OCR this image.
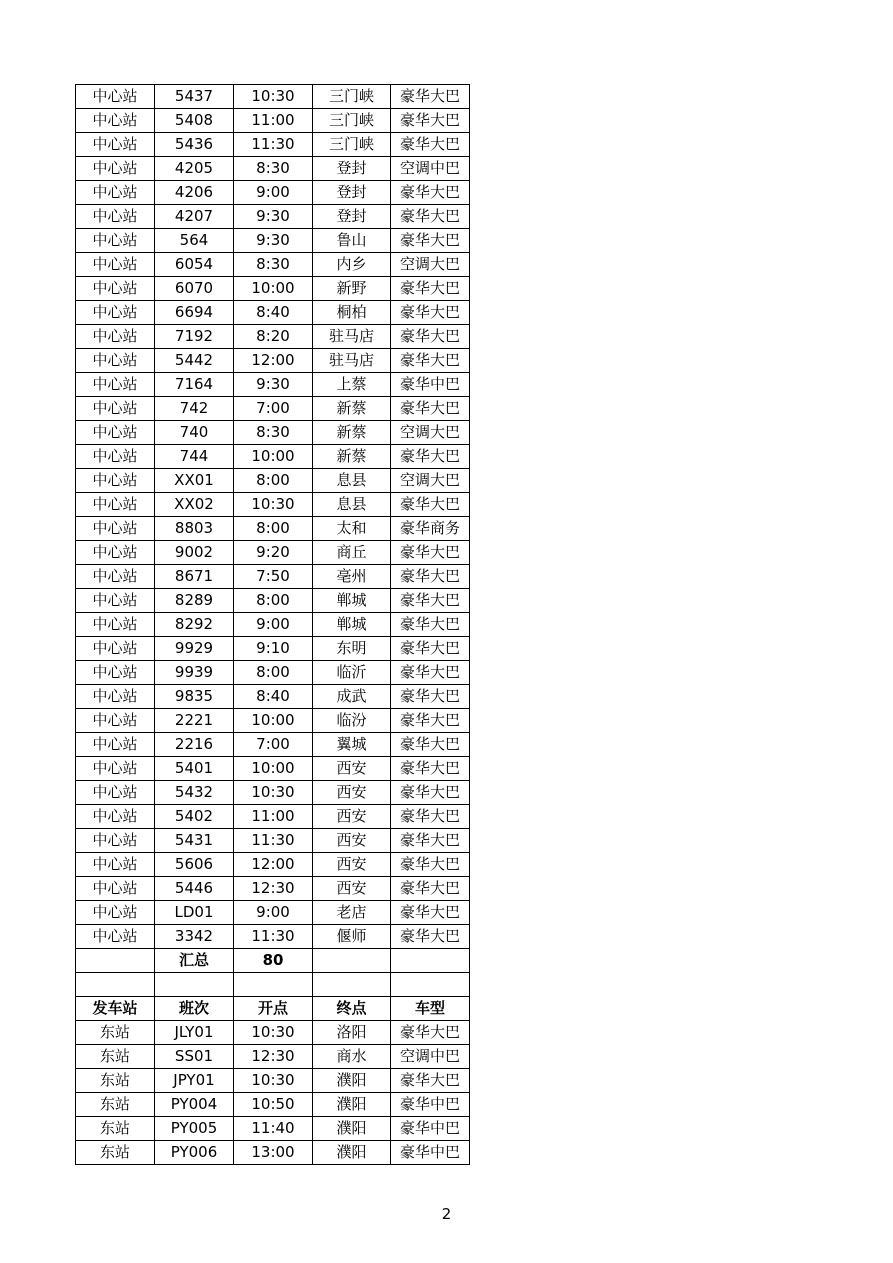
中心站	5437	10:30	三门峡	豪华大巴
中心站	5408	11:00	三门峡	豪华大巴
中心站	5436	11:30	三门峡	豪华大巴
中心站	4205	8:30	登封	空调中巴
中心站	4206	9:00	登封	豪华大巴
中心站	4207	9:30	登封	豪华大巴
中心站	564	9:30	鲁山	豪华大巴
中心站	6054	8:30	内乡	空调大巴
中心站	6070	10:00	新野	豪华大巴
中心站	6694	8:40	桐柏	豪华大巴
中心站	7192	8:20	驻马店	豪华大巴
中心站	5442	12:00	驻马店	豪华大巴
中心站	7164	9:30	上蔡	豪华中巴
中心站	742	7:00	新蔡	豪华大巴
中心站	740	8:30	新蔡	空调大巴
中心站	744	10:00	新蔡	豪华大巴
中心站	XX01	8:00	息县	空调大巴
中心站	XX02	10:30	息县	豪华大巴
中心站	8803	8:00	太和	豪华商务
中心站	9002	9:20	商丘	豪华大巴
中心站	8671	7:50	亳州	豪华大巴
中心站	8289	8:00	郸城	豪华大巴
中心站	8292	9:00	郸城	豪华大巴
中心站	9929	9:10	东明	豪华大巴
中心站	9939	8:00	临沂	豪华大巴
中心站	9835	8:40	成武	豪华大巴
中心站	2221	10:00	临汾	豪华大巴
中心站	2216	7:00	翼城	豪华大巴
中心站	5401	10:00	西安	豪华大巴
中心站	5432	10:30	西安	豪华大巴
中心站	5402	11:00	西安	豪华大巴
中心站	5431	11:30	西安	豪华大巴
中心站	5606	12:00	西安	豪华大巴
中心站	5446	12:30	西安	豪华大巴
中心站	LD01	9:00	老店	豪华大巴
中心站	3342	11:30	偃师	豪华大巴
	汇总	80		

发车站	班次	开点	终点	车型
东站	JLY01	10:30	洛阳	豪华大巴
东站	SS01	12:30	商水	空调中巴
东站	JPY01	10:30	濮阳	豪华大巴
东站	PY004	10:50	濮阳	豪华中巴
东站	PY005	11:40	濮阳	豪华中巴
东站	PY006	13:00	濮阳	豪华中巴
2
